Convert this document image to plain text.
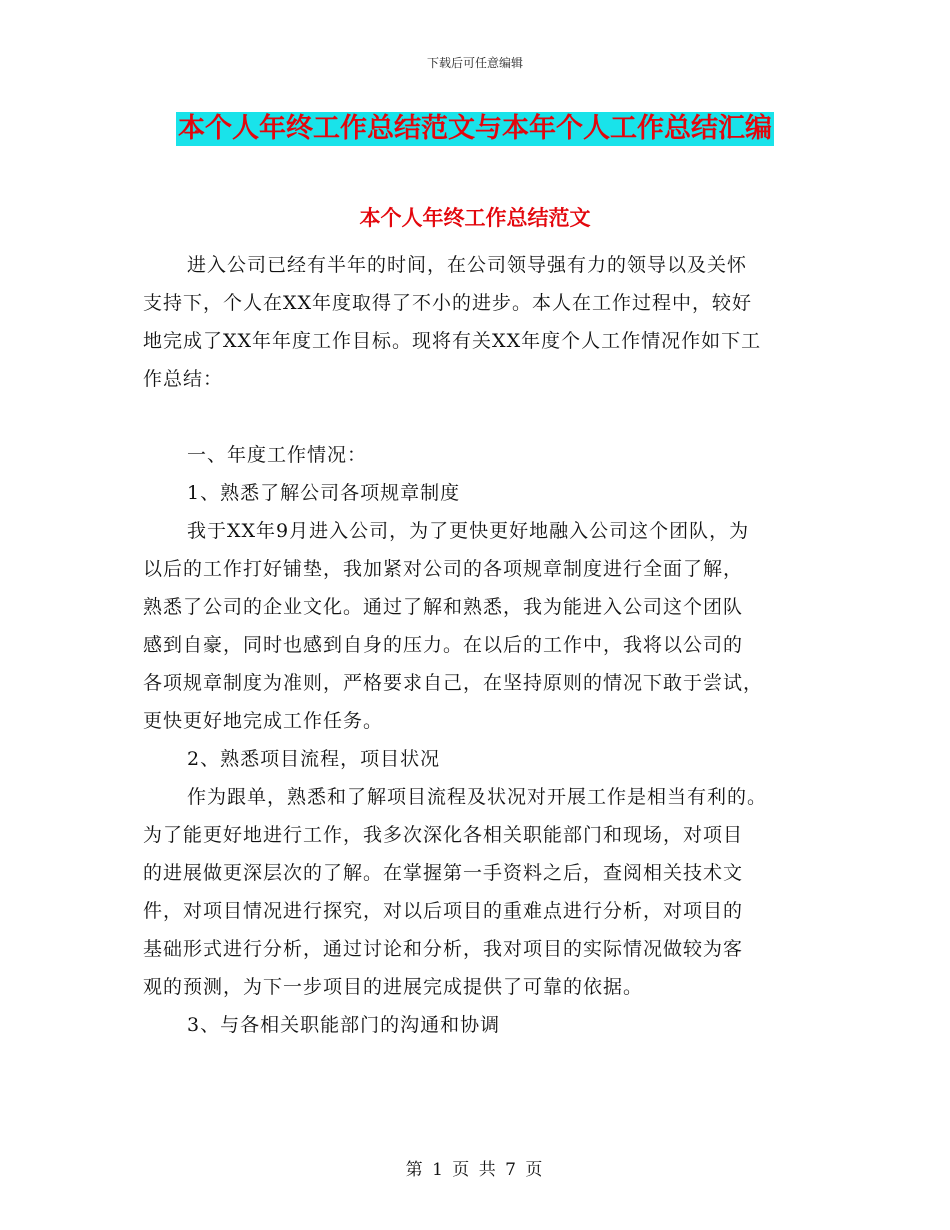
下载后可任意编辑
本个人年终工作总结范文与本年个人工作总结汇编
本个人年终工作总结范文
进入公司已经有半年的时间，在公司领导强有力的领导以及关怀
支持下，个人在XX年度取得了不小的进步。本人在工作过程中，较好
地完成了XX年年度工作目标。现将有关XX年度个人工作情况作如下工
作总结：
一、年度工作情况：
1、熟悉了解公司各项规章制度
我于XX年9月进入公司，为了更快更好地融入公司这个团队，为
以后的工作打好铺垫，我加紧对公司的各项规章制度进行全面了解，
熟悉了公司的企业文化。通过了解和熟悉，我为能进入公司这个团队
感到自豪，同时也感到自身的压力。在以后的工作中，我将以公司的
各项规章制度为准则，严格要求自己，在坚持原则的情况下敢于尝试，
更快更好地完成工作任务。
2、熟悉项目流程，项目状况
作为跟单，熟悉和了解项目流程及状况对开展工作是相当有利的。
为了能更好地进行工作，我多次深化各相关职能部门和现场，对项目
的进展做更深层次的了解。在掌握第一手资料之后，查阅相关技术文
件，对项目情况进行探究，对以后项目的重难点进行分析，对项目的
基础形式进行分析，通过讨论和分析，我对项目的实际情况做较为客
观的预测，为下一步项目的进展完成提供了可靠的依据。
3、与各相关职能部门的沟通和协调
第 1 页 共 7 页
